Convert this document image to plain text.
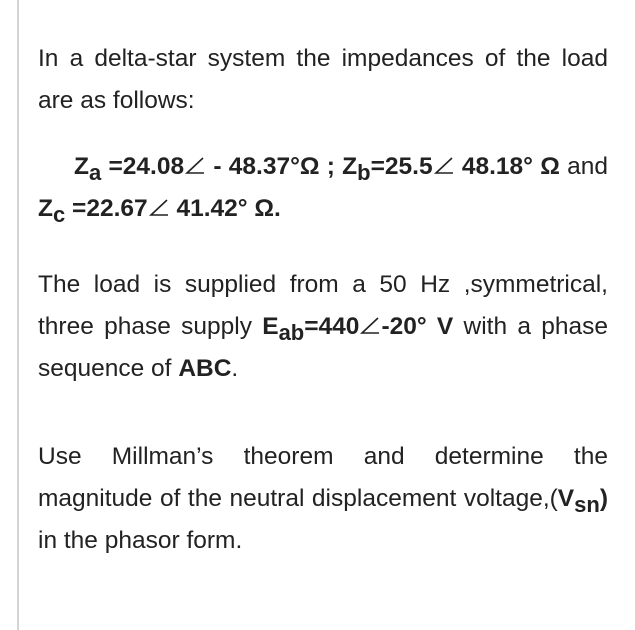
In a delta-star system the impedances of the load are as follows:

Za =24.08
- 48.37°Ω ; Zb=25.5
48.18° Ω and Zc =22.67
41.42° Ω.

The load is supplied from a 50 Hz ,symmetrical, three phase supply Eab=440 -20° V with a phase sequence of ABC.

Use Millman’s theorem and determine the magnitude of the neutral displacement voltage,(Vsn) in the phasor form.
